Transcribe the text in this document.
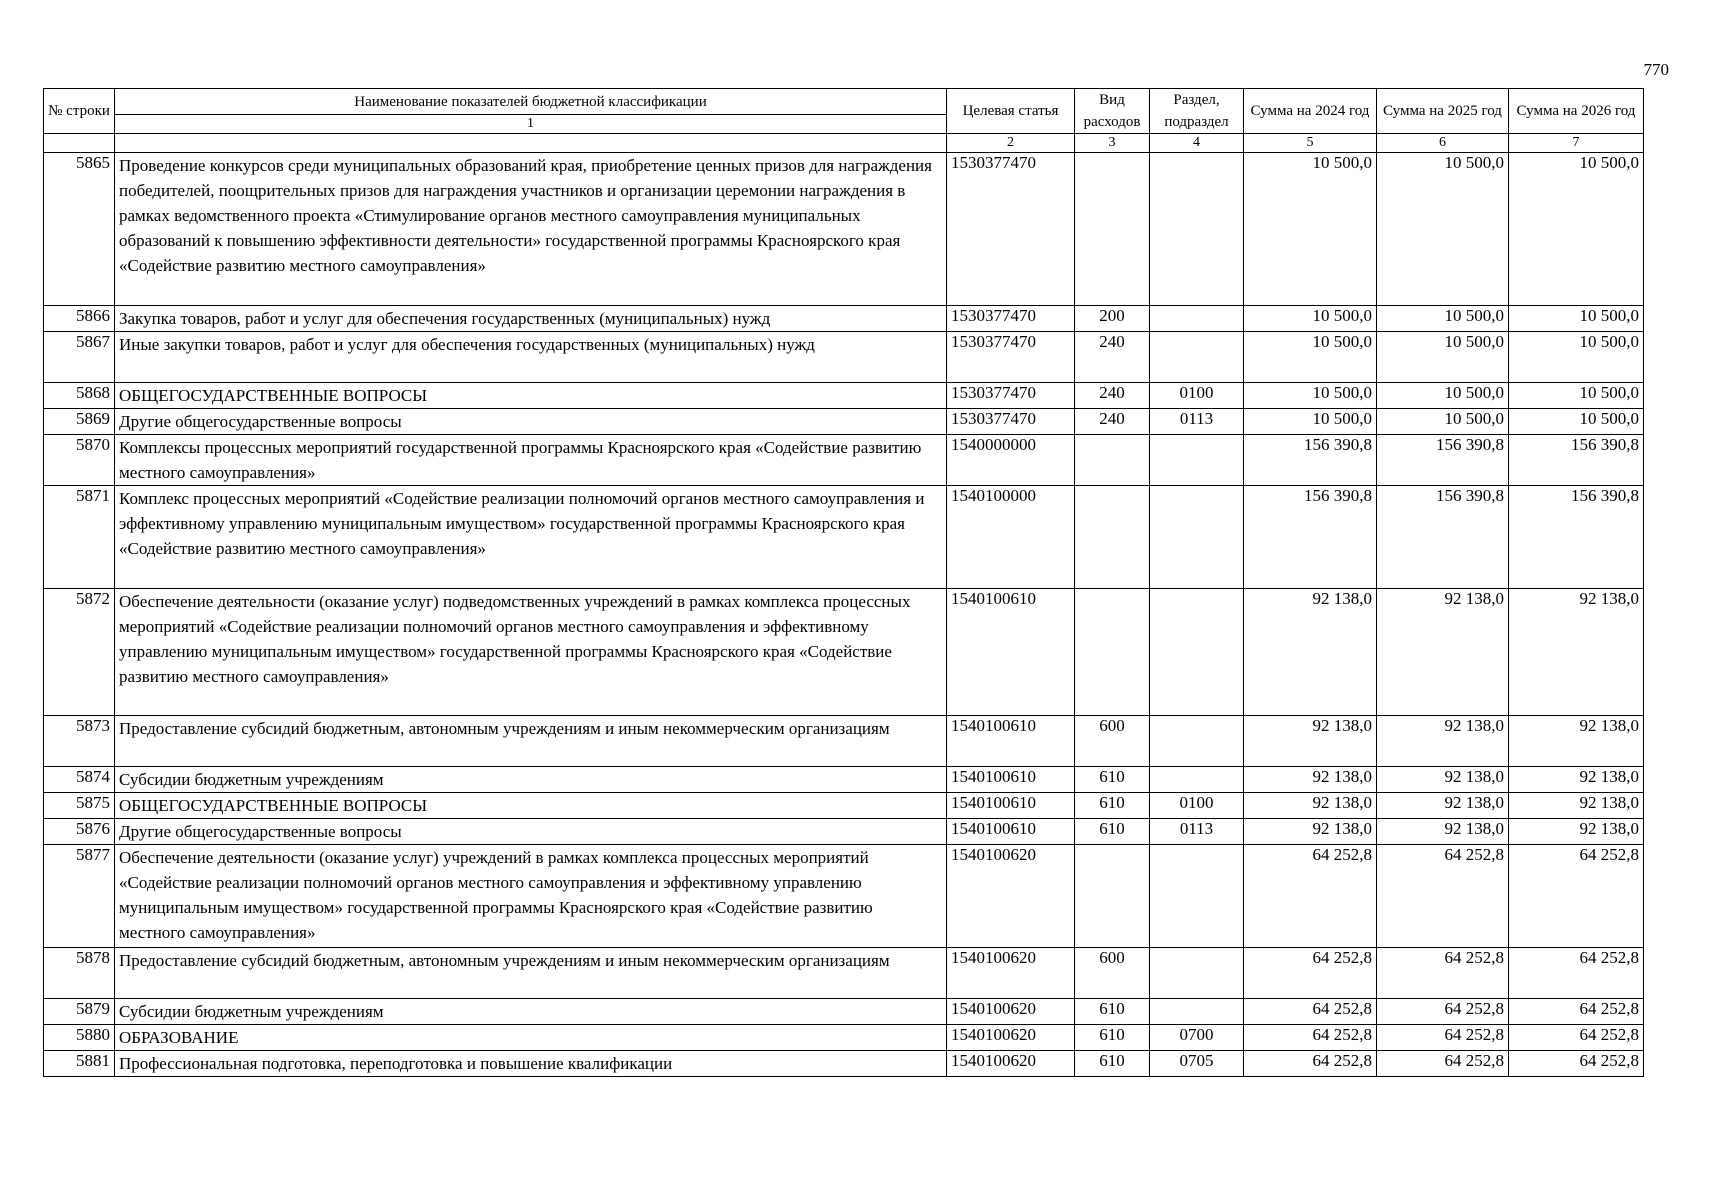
770
№ строки	Наименование показателей бюджетной классификации	Целевая статья	Вид расходов	Раздел, подраздел	Сумма на 2024 год	Сумма на 2025 год	Сумма на 2026 год
	1						
		2	3	4	5	6	7
5865	Проведение конкурсов среди муниципальных образований края, приобретение ценных призов для награждения победителей, поощрительных призов для награждения участников и организации церемонии награждения в рамках ведомственного проекта «Стимулирование органов местного самоуправления муниципальных образований к повышению эффективности деятельности» государственной программы Красноярского края «Содействие развитию местного самоуправления»	1530377470			10 500,0	10 500,0	10 500,0
5866	Закупка товаров, работ и услуг для обеспечения государственных (муниципальных) нужд	1530377470	200		10 500,0	10 500,0	10 500,0
5867	Иные закупки товаров, работ и услуг для обеспечения государственных (муниципальных) нужд	1530377470	240		10 500,0	10 500,0	10 500,0
5868	ОБЩЕГОСУДАРСТВЕННЫЕ ВОПРОСЫ	1530377470	240	0100	10 500,0	10 500,0	10 500,0
5869	Другие общегосударственные вопросы	1530377470	240	0113	10 500,0	10 500,0	10 500,0
5870	Комплексы процессных мероприятий государственной программы Красноярского края «Содействие развитию местного самоуправления»	1540000000			156 390,8	156 390,8	156 390,8
5871	Комплекс процессных мероприятий «Содействие реализации полномочий органов местного самоуправления и эффективному управлению муниципальным имуществом» государственной программы Красноярского края «Содействие развитию местного самоуправления»	1540100000			156 390,8	156 390,8	156 390,8
5872	Обеспечение деятельности (оказание услуг) подведомственных учреждений в рамках комплекса процессных мероприятий «Содействие реализации полномочий органов местного самоуправления и эффективному управлению муниципальным имуществом» государственной программы Красноярского края «Содействие развитию местного самоуправления»	1540100610			92 138,0	92 138,0	92 138,0
5873	Предоставление субсидий бюджетным, автономным учреждениям и иным некоммерческим организациям	1540100610	600		92 138,0	92 138,0	92 138,0
5874	Субсидии бюджетным учреждениям	1540100610	610		92 138,0	92 138,0	92 138,0
5875	ОБЩЕГОСУДАРСТВЕННЫЕ ВОПРОСЫ	1540100610	610	0100	92 138,0	92 138,0	92 138,0
5876	Другие общегосударственные вопросы	1540100610	610	0113	92 138,0	92 138,0	92 138,0
5877	Обеспечение деятельности (оказание услуг) учреждений в рамках комплекса процессных мероприятий «Содействие реализации полномочий органов местного самоуправления и эффективному управлению муниципальным имуществом» государственной программы Красноярского края «Содействие развитию местного самоуправления»	1540100620			64 252,8	64 252,8	64 252,8
5878	Предоставление субсидий бюджетным, автономным учреждениям и иным некоммерческим организациям	1540100620	600		64 252,8	64 252,8	64 252,8
5879	Субсидии бюджетным учреждениям	1540100620	610		64 252,8	64 252,8	64 252,8
5880	ОБРАЗОВАНИЕ	1540100620	610	0700	64 252,8	64 252,8	64 252,8
5881	Профессиональная подготовка, переподготовка и повышение квалификации	1540100620	610	0705	64 252,8	64 252,8	64 252,8
